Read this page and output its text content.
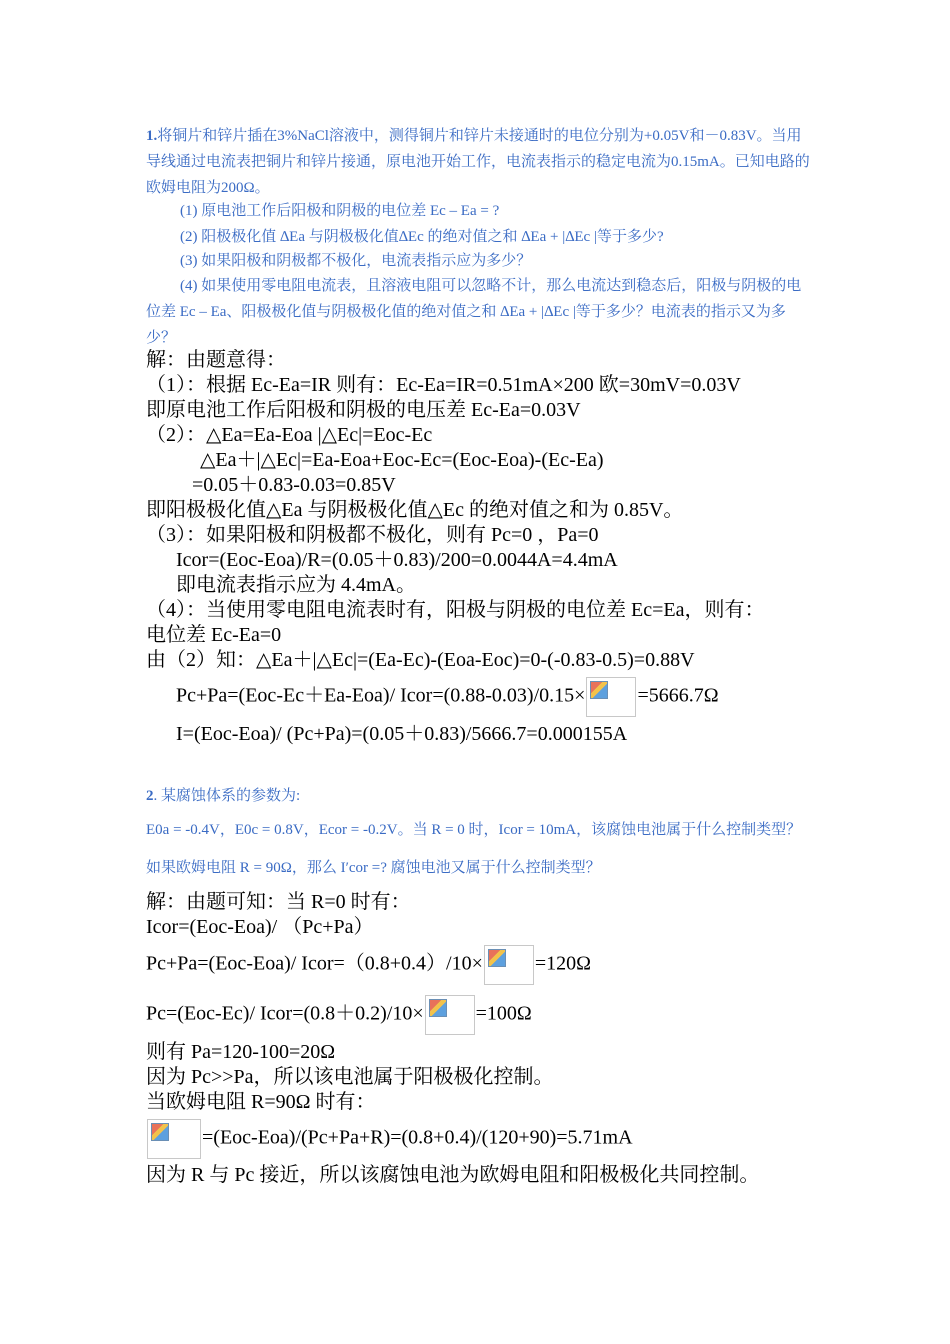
1.将铜片和锌片插在3%NaCl溶液中，测得铜片和锌片未接通时的电位分别为+0.05V和－0.83V。当用导线通过电流表把铜片和锌片接通，原电池开始工作，电流表指示的稳定电流为0.15mA。已知电路的欧姆电阻为200Ω。
(1) 原电池工作后阳极和阴极的电位差 Ec – Ea = ?
(2) 阳极极化值 ∆Ea 与阴极极化值∆Ec 的绝对值之和 ∆Ea + |∆Ec |等于多少?
(3) 如果阳极和阴极都不极化，电流表指示应为多少？
(4) 如果使用零电阻电流表，且溶液电阻可以忽略不计，那么电流达到稳态后，阳极与阴极的电位差 Ec – Ea、阳极极化值与阴极极化值的绝对值之和 ∆Ea + |∆Ec |等于多少？电流表的指示又为多少？
解：由题意得：
（1）：根据 Ec-Ea=IR 则有：Ec-Ea=IR=0.51mA×200 欧=30mV=0.03V
即原电池工作后阳极和阴极的电压差 Ec-Ea=0.03V
（2）：△Ea=Ea-Eoa |△Ec|=Eoc-Ec
△Ea＋|△Ec|=Ea-Eoa+Eoc-Ec=(Eoc-Eoa)-(Ec-Ea)
=0.05＋0.83-0.03=0.85V
即阳极极化值△Ea 与阴极极化值△Ec 的绝对值之和为 0.85V。
（3）：如果阳极和阴极都不极化，则有 Pc=0 ，Pa=0
Icor=(Eoc-Eoa)/R=(0.05＋0.83)/200=0.0044A=4.4mA
即电流表指示应为 4.4mA。
（4）：当使用零电阻电流表时有，阳极与阴极的电位差 Ec=Ea，则有：
电位差 Ec-Ea=0
由（2）知：△Ea＋|△Ec|=(Ea-Ec)-(Eoa-Eoc)=0-(-0.83-0.5)=0.88V
Pc+Pa=(Eoc-Ec＋Ea-Eoa)/ Icor=(0.88-0.03)/0.15×	=5666.7Ω
I=(Eoc-Eoa)/ (Pc+Pa)=(0.05＋0.83)/5666.7=0.000155A
2. 某腐蚀体系的参数为:
E0a = -0.4V，E0c = 0.8V，Ecor = -0.2V。当 R = 0 时，Icor = 10mA，该腐蚀电池属于什么控制类型？
如果欧姆电阻 R = 90Ω，那么 I′cor =? 腐蚀电池又属于什么控制类型？
解：由题可知：当 R=0 时有：
Icor=(Eoc-Eoa)/ （Pc+Pa）
Pc+Pa=(Eoc-Eoa)/ Icor=（0.8+0.4）/10×	=120Ω
Pc=(Eoc-Ec)/ Icor=(0.8＋0.2)/10×	=100Ω
则有 Pa=120-100=20Ω
因为 Pc>>Pa，所以该电池属于阳极极化控制。
当欧姆电阻 R=90Ω 时有：
=(Eoc-Eoa)/(Pc+Pa+R)=(0.8+0.4)/(120+90)=5.71mA
因为 R 与 Pc 接近，所以该腐蚀电池为欧姆电阻和阳极极化共同控制。
